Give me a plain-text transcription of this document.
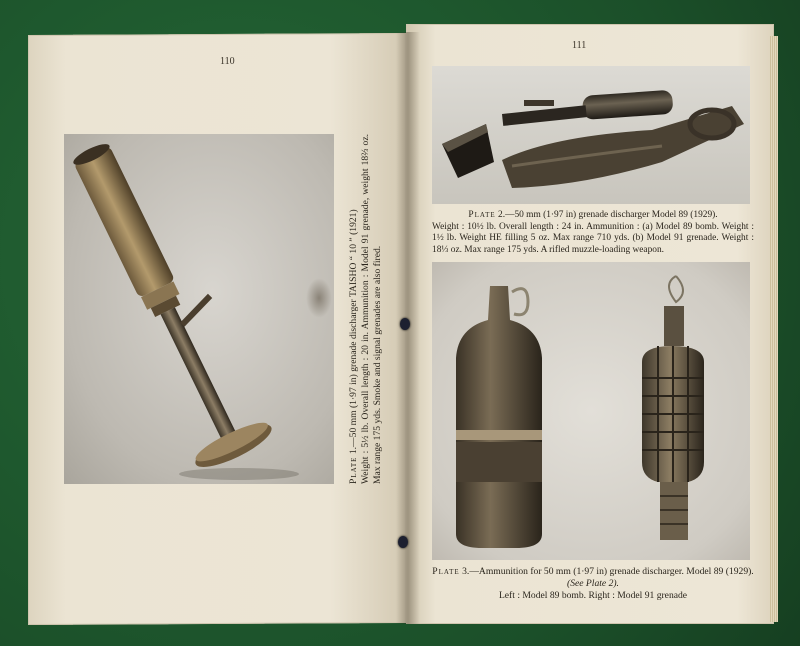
110
111
Plate 1.—50 mm (1·97 in) grenade discharger TAISHO “ 10 ” (1921) Weight : 5½ lb. Overall length : 20 in. Ammunition : Model 91 grenade, weight 18⅔ oz. Max range 175 yds. Smoke and signal grenades are also fired.
Plate 2.—50 mm (1·97 in) grenade discharger Model 89 (1929).
Weight : 10½ lb. Overall length : 24 in. Ammunition : (a) Model 89 bomb. Weight : 1½ lb. Weight HE filling 5 oz. Max range 710 yds. (b) Model 91 grenade. Weight : 18⅓ oz. Max range 175 yds. A rifled muzzle-loading weapon.
Plate 3.—Ammunition for 50 mm (1·97 in) grenade discharger. Model 89 (1929). (See Plate 2).
Left : Model 89 bomb. Right : Model 91 grenade
